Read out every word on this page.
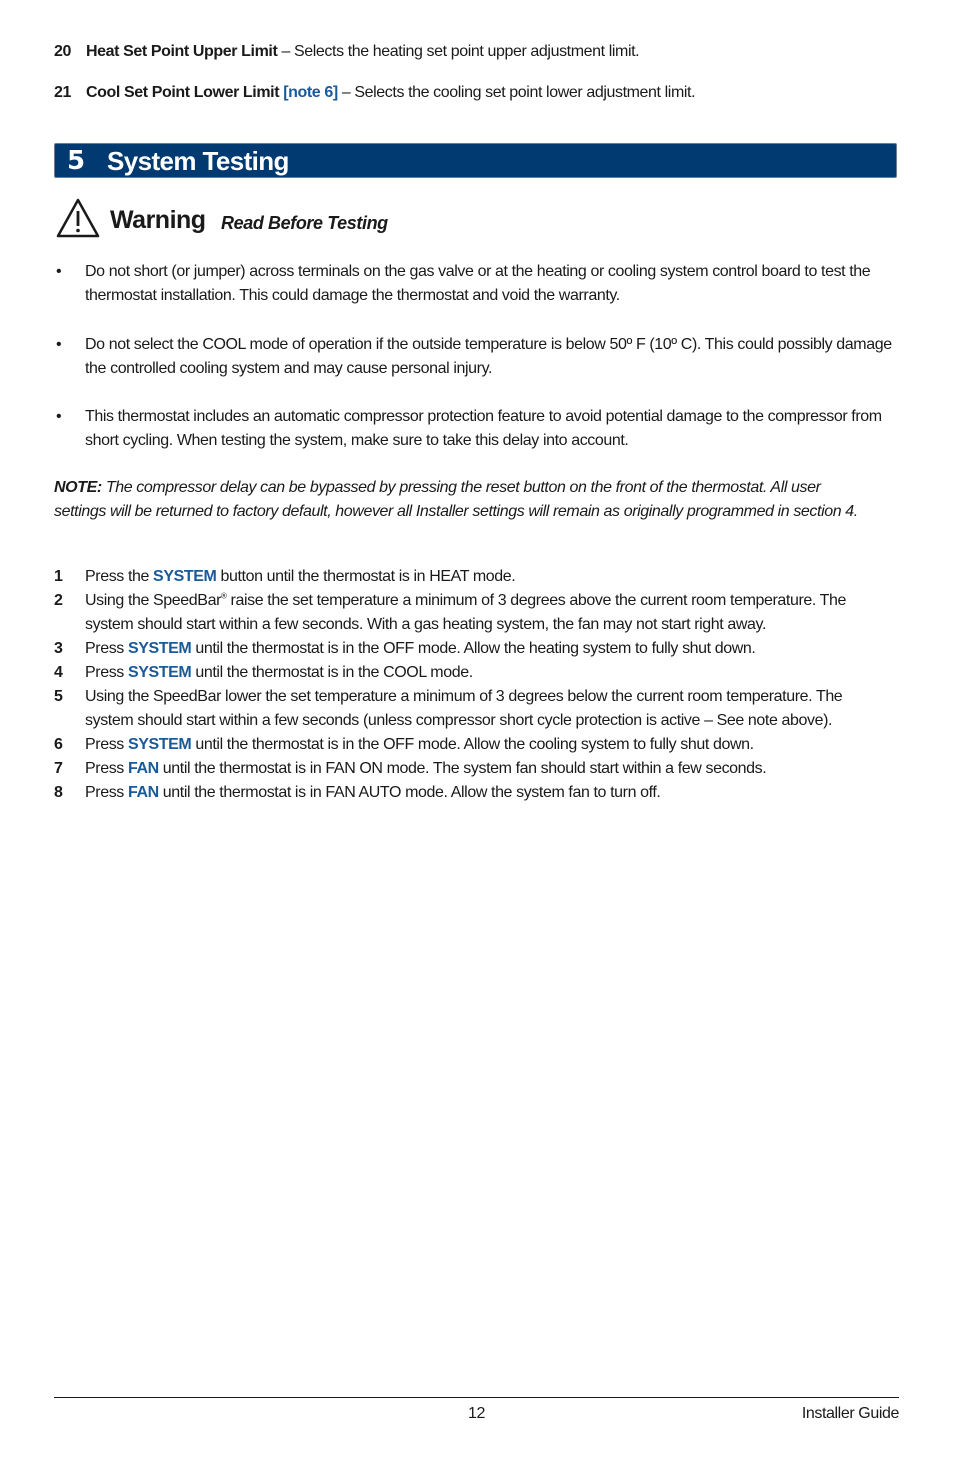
20 Heat Set Point Upper Limit – Selects the heating set point upper adjustment limit.
21 Cool Set Point Lower Limit [note 6] – Selects the cooling set point lower adjustment limit.
5 System Testing
Warning Read Before Testing
• Do not short (or jumper) across terminals on the gas valve or at the heating or cooling system control board to test the thermostat installation. This could damage the thermostat and void the warranty.
• Do not select the COOL mode of operation if the outside temperature is below 50º F (10º C). This could possibly damage the controlled cooling system and may cause personal injury.
• This thermostat includes an automatic compressor protection feature to avoid potential damage to the compressor from short cycling. When testing the system, make sure to take this delay into account.
NOTE: The compressor delay can be bypassed by pressing the reset button on the front of the thermostat. All user settings will be returned to factory default, however all Installer settings will remain as originally programmed in section 4.
1 Press the SYSTEM button until the thermostat is in HEAT mode.
2 Using the SpeedBar® raise the set temperature a minimum of 3 degrees above the current room temperature. The system should start within a few seconds. With a gas heating system, the fan may not start right away.
3 Press SYSTEM until the thermostat is in the OFF mode. Allow the heating system to fully shut down.
4 Press SYSTEM until the thermostat is in the COOL mode.
5 Using the SpeedBar lower the set temperature a minimum of 3 degrees below the current room temperature. The system should start within a few seconds (unless compressor short cycle protection is active – See note above).
6 Press SYSTEM until the thermostat is in the OFF mode. Allow the cooling system to fully shut down.
7 Press FAN until the thermostat is in FAN ON mode. The system fan should start within a few seconds.
8 Press FAN until the thermostat is in FAN AUTO mode. Allow the system fan to turn off.
12	Installer Guide
